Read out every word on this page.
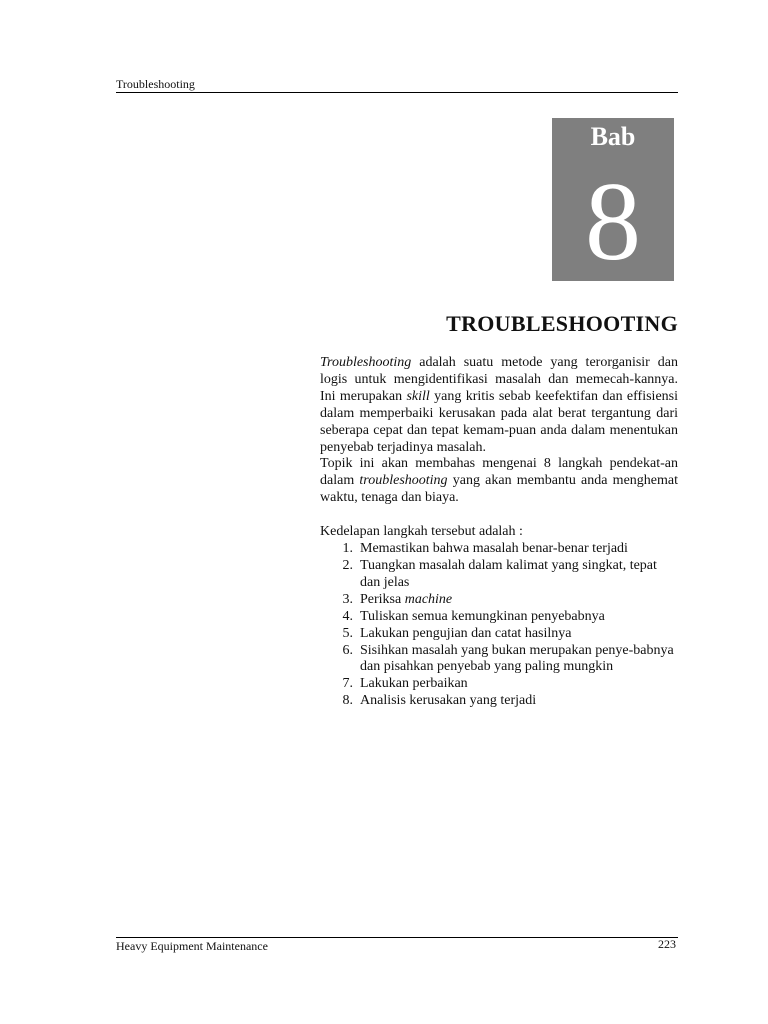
Troubleshooting
Bab
8
TROUBLESHOOTING

Troubleshooting adalah suatu metode yang terorganisir dan logis untuk mengidentifikasi masalah dan memecah-kannya. Ini merupakan skill yang kritis sebab keefektifan dan effisiensi dalam memperbaiki kerusakan pada alat berat tergantung dari seberapa cepat dan tepat kemam-puan anda dalam menentukan penyebab terjadinya masalah.

Topik ini akan membahas mengenai 8 langkah pendekat-an dalam troubleshooting yang akan membantu anda menghemat waktu, tenaga dan biaya.

Kedelapan langkah tersebut adalah :

1. Memastikan bahwa masalah benar-benar terjadi
2. Tuangkan masalah dalam kalimat yang singkat, tepat dan jelas
3. Periksa machine
4. Tuliskan semua kemungkinan penyebabnya
5. Lakukan pengujian dan catat hasilnya
6. Sisihkan masalah yang bukan merupakan penye-babnya dan pisahkan penyebab yang paling mungkin
7. Lakukan perbaikan
8. Analisis kerusakan yang terjadi
Heavy Equipment Maintenance	223
